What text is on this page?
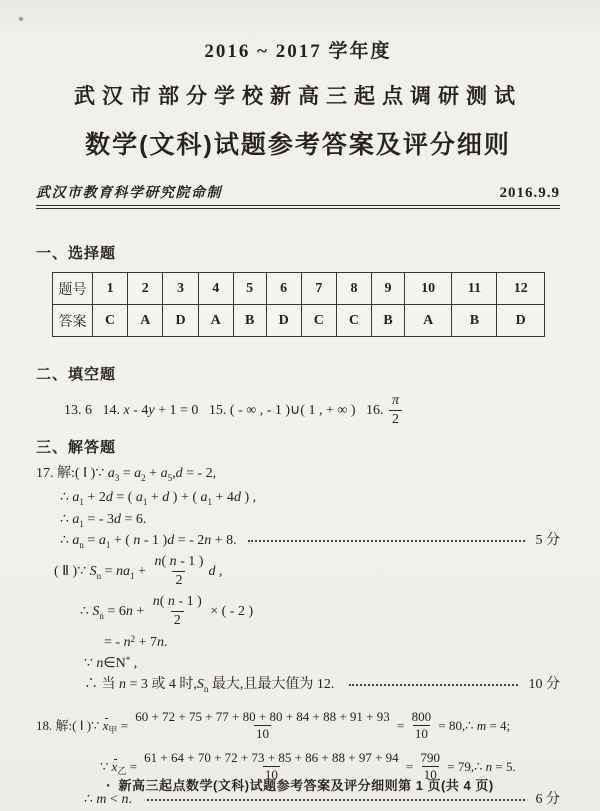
2016 ~ 2017 学年度
武汉市部分学校新高三起点调研测试
数学(文科)试题参考答案及评分细则
武汉市教育科学研究院命制	2016.9.9
一、选择题
题号	1	2	3	4	5	6	7	8	9	10	11	12
答案	C	A	D	A	B	D	C	C	B	A	B	D
二、填空题
13. 6   14. x - 4 y + 1 = 0   15. ( - ∞ , - 1 )∪( 1 , + ∞ )   16. $\frac{\pi}{2}$
三、解答题
17. 解:( Ⅰ )∵ a 3 = a 2 + a 5 , d = - 2,
∴ a 1 + 2 d = ( a 1 + d ) + ( a 1 + 4 d ) ,
∴ a 1 = - 3 d = 6.
∴ a n = a 1 + ( n - 1 ) d = - 2 n + 8.	5 分
( Ⅱ )∵ S n = na $1 + \frac{n ( n - 1 )}{2}$ d ,
∴ S n = 6 $n + \frac{n ( n - 1 )}{2}$ × ( - 2 )
= - n 2 + 7 n .
∵ n ∈N * ,
∴ 当 n = 3 或 4 时, S n 最大,且最大值为 12.	10 分
18. 解:( Ⅰ )∵ x 甲 = $\frac{60 + 72 + 75 + 77 + 80 + 80 + 84 + 88 + 91 + 93}{10} = \frac{800}{10}$ = 80,∴ m = 4;
∵ x 乙 = $\frac{61 + 64 + 70 + 72 + 73 + 85 + 86 + 88 + 97 + 94}{10} = \frac{790}{10}$ = 79,∴ n = 5.
∴ m < n .	6 分
● 新高三起点数学(文科)试题参考答案及评分细则第 1 页(共 4 页)
